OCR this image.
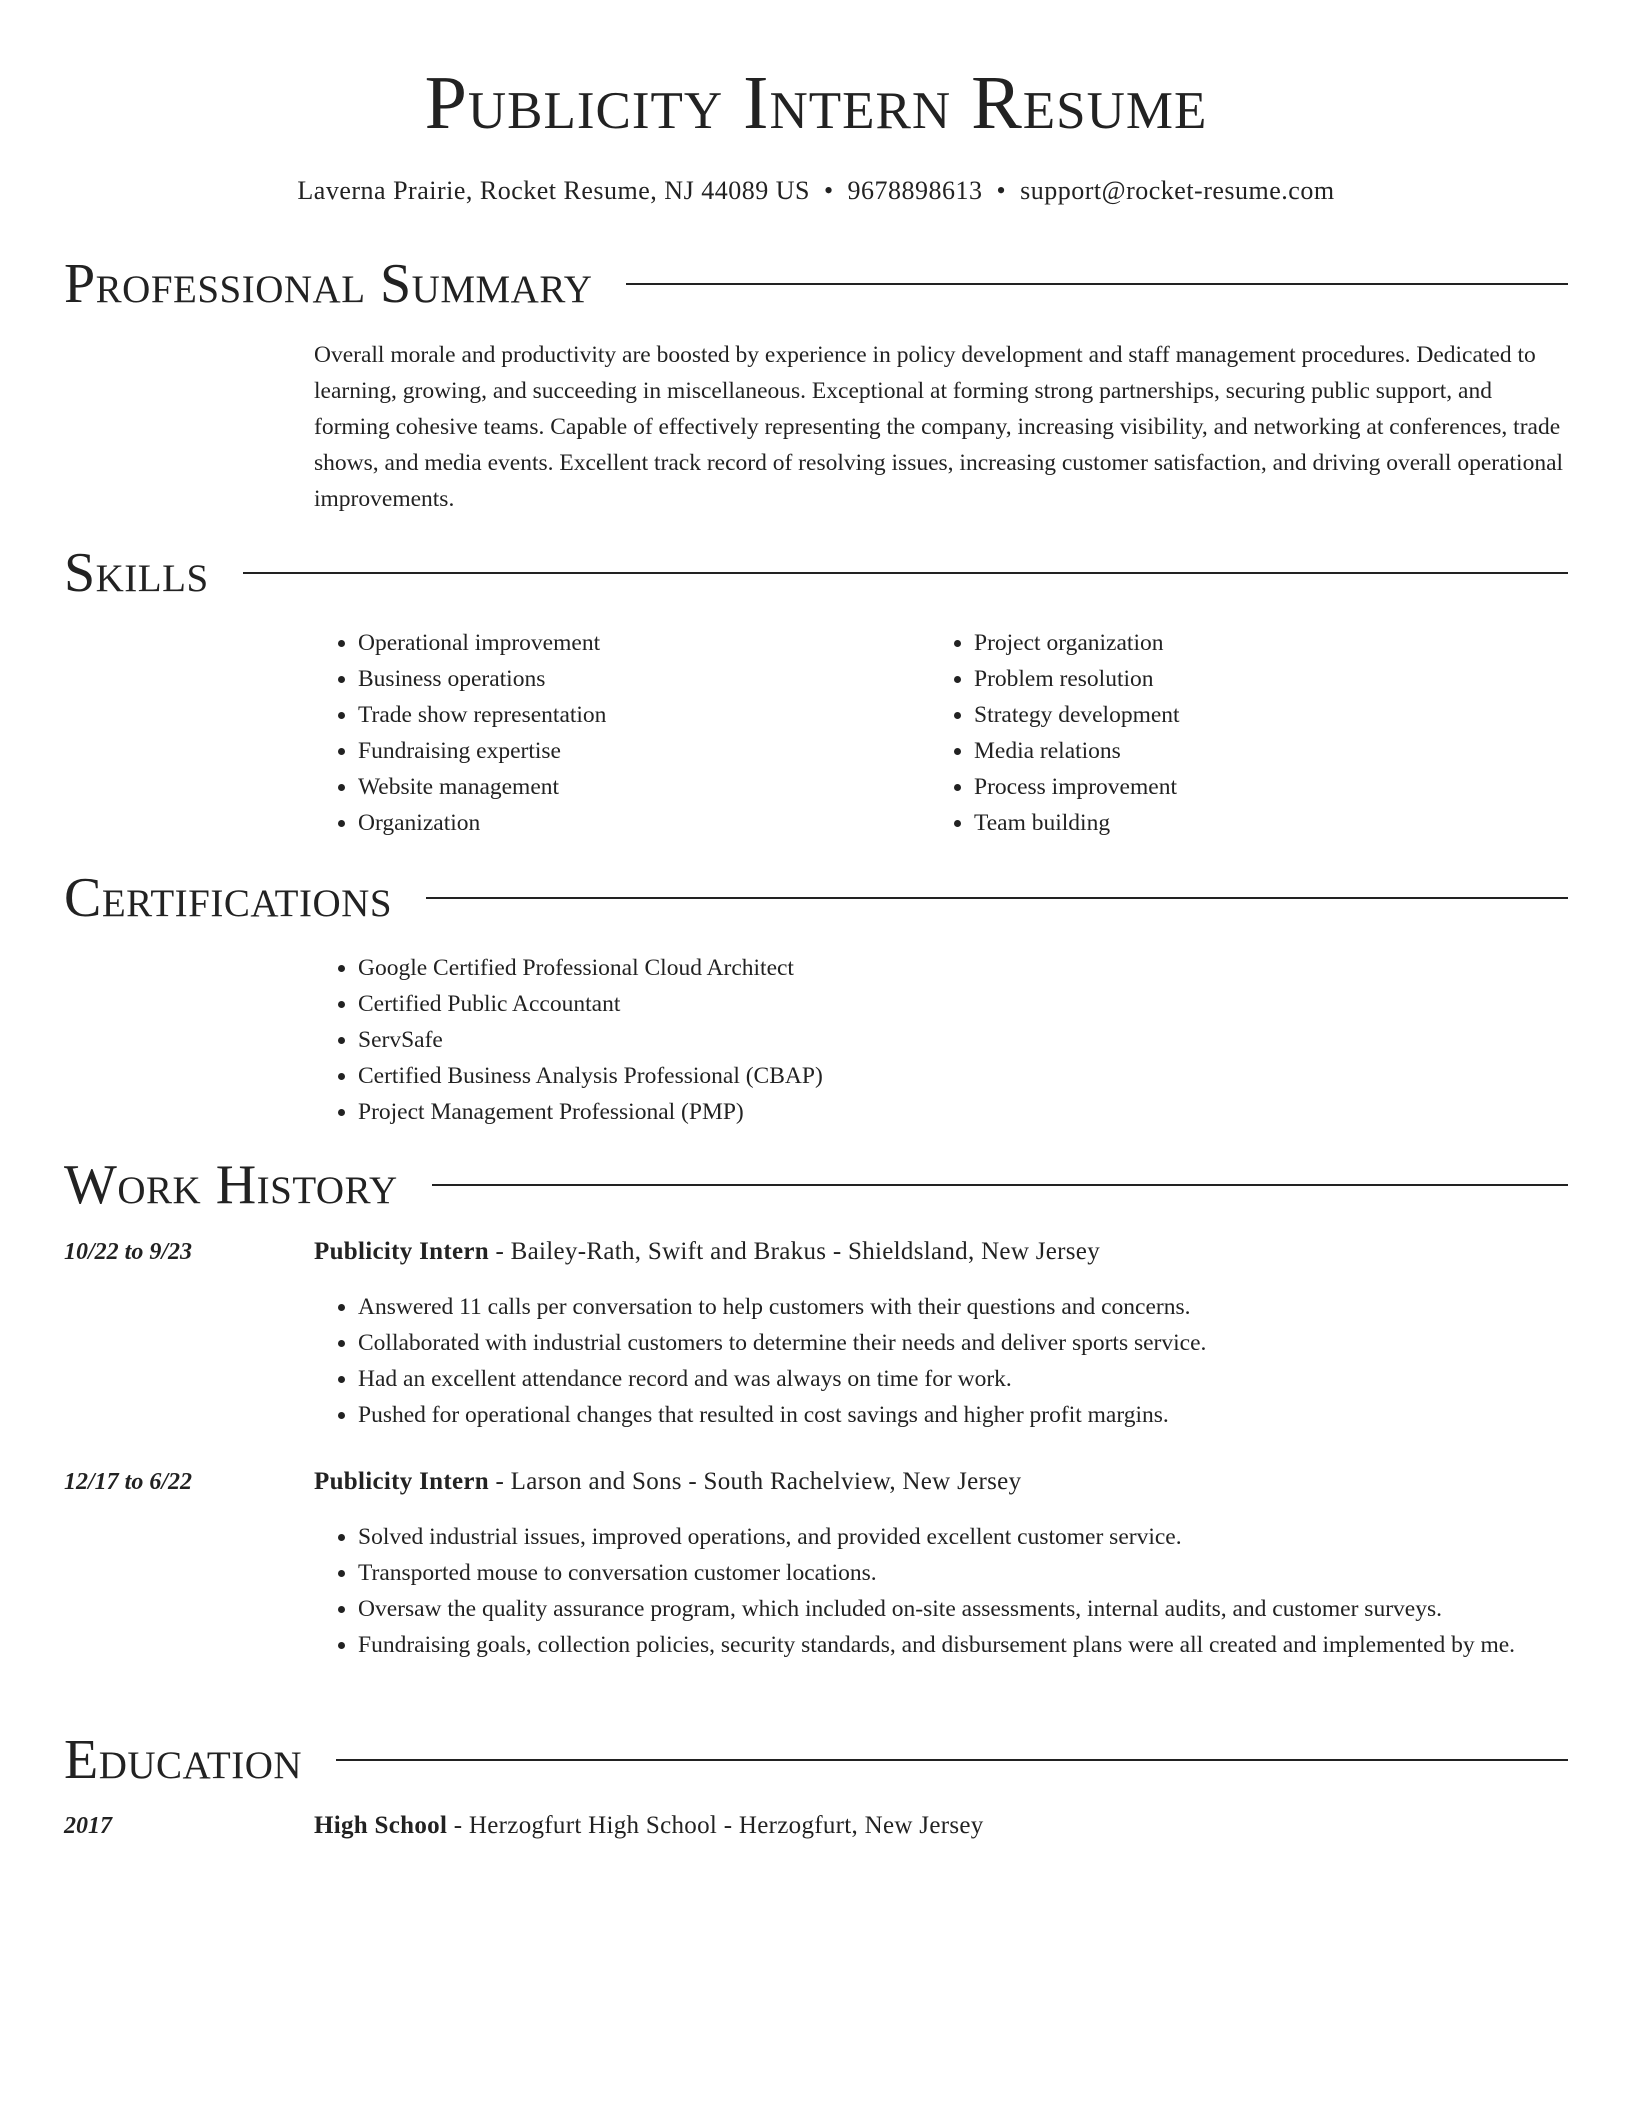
Publicity Intern Resume
Laverna Prairie, Rocket Resume, NJ 44089 US • 9678898613 • support@rocket-resume.com
Professional Summary

Overall morale and productivity are boosted by experience in policy development and staff management procedures. Dedicated to learning, growing, and succeeding in miscellaneous. Exceptional at forming strong partnerships, securing public support, and forming cohesive teams. Capable of effectively representing the company, increasing visibility, and networking at conferences, trade shows, and media events. Excellent track record of resolving issues, increasing customer satisfaction, and driving overall operational improvements.

Skills
• Operational improvement
• Business operations
• Trade show representation
• Fundraising expertise
• Website management
• Organization
• Project organization
• Problem resolution
• Strategy development
• Media relations
• Process improvement
• Team building
Certifications
• Google Certified Professional Cloud Architect
• Certified Public Accountant
• ServSafe
• Certified Business Analysis Professional (CBAP)
• Project Management Professional (PMP)
Work History
10/22 to 9/23	Publicity Intern - Bailey-Rath, Swift and Brakus - Shieldsland, New Jersey
• Answered 11 calls per conversation to help customers with their questions and concerns.
• Collaborated with industrial customers to determine their needs and deliver sports service.
• Had an excellent attendance record and was always on time for work.
• Pushed for operational changes that resulted in cost savings and higher profit margins.
12/17 to 6/22	Publicity Intern - Larson and Sons - South Rachelview, New Jersey
• Solved industrial issues, improved operations, and provided excellent customer service.
• Transported mouse to conversation customer locations.
• Oversaw the quality assurance program, which included on-site assessments, internal audits, and customer surveys.
• Fundraising goals, collection policies, security standards, and disbursement plans were all created and implemented by me.
Education
2017	High School - Herzogfurt High School - Herzogfurt, New Jersey
